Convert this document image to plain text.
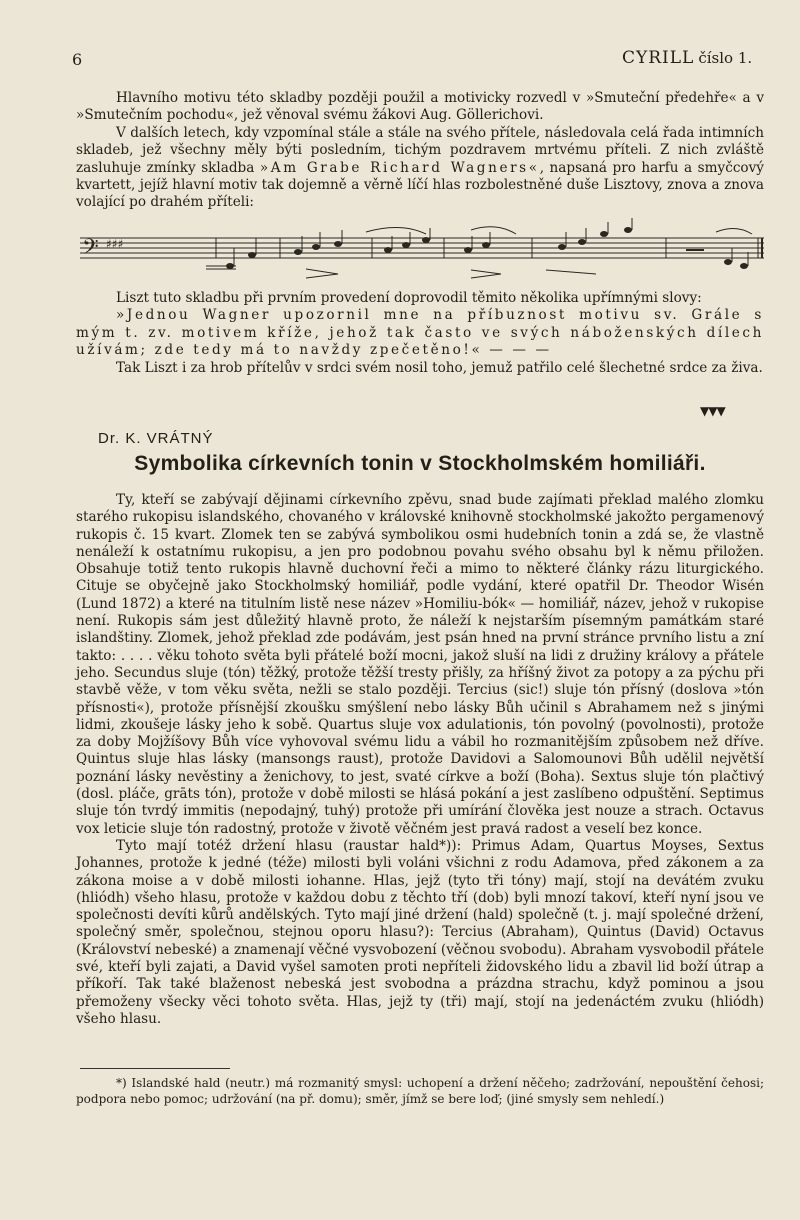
6	CYRILL číslo 1.

Hlavního motivu této skladby později použil a motivicky rozvedl v »Smuteční předehře« a v »Smutečním pochodu«, jež věnoval svému žákovi Aug. Göllerichovi.

V dalších letech, kdy vzpomínal stále a stále na svého přítele, následovala celá řada intimních skladeb, jež všechny měly býti posledním, tichým pozdravem mrtvému příteli. Z nich zvláště zasluhuje zmínky skladba »Am Grabe Richard Wagners«, napsaná pro harfu a smyčcový kvartett, jejíž hlavní motiv tak dojemně a věrně líčí hlas rozbolestněné duše Lisztovy, znova a znova volající po drahém příteli:

𝄢 ♯♯♯

Liszt tuto skladbu při prvním provedení doprovodil těmito několika upřímnými slovy:

»Jednou Wagner upozornil mne na příbuznost motivu sv. Grále s mým t. zv. motivem kříže, jehož tak často ve svých náboženských dílech užívám; zde tedy má to navždy zpečetěno!« — — —

Tak Liszt i za hrob přítelův v srdci svém nosil toho, jemuž patřilo celé šlechetné srdce za živa.

▼▼▼
Dr. K. VRÁTNÝ
Symbolika církevních tonin v Stockholmském homiliáři.

Ty, kteří se zabývají dějinami církevního zpěvu, snad bude zajímati překlad malého zlomku starého rukopisu islandského, chovaného v královské knihovně stockholmské jakožto pergamenový rukopis č. 15 kvart. Zlomek ten se zabývá symbolikou osmi hudebních tonin a zdá se, že vlastně nenáleží k ostatnímu rukopisu, a jen pro podobnou povahu svého obsahu byl k němu přiložen. Obsahuje totiž tento rukopis hlavně duchovní řeči a mimo to některé články rázu liturgického. Cituje se obyčejně jako Stockholmský homiliář, podle vydání, které opatřil Dr. Theodor Wisén (Lund 1872) a které na titulním listě nese název »Homiliu-bók« — homiliář, název, jehož v rukopise není. Rukopis sám jest důležitý hlavně proto, že náleží k nejstarším písemným památkám staré islandštiny. Zlomek, jehož překlad zde podávám, jest psán hned na první stránce prvního listu a zní takto: . . . . věku tohoto světa byli přátelé boží mocni, jakož sluší na lidi z družiny královy a přátele jeho. Secundus sluje (tón) těžký, protože těžší tresty přišly, za hříšný život za potopy a za pýchu při stavbě věže, v tom věku světa, nežli se stalo později. Tercius (sic!) sluje tón přísný (doslova »tón přísnosti«), protože přísnější zkoušku smýšlení nebo lásky Bůh učinil s Abrahamem než s jinými lidmi, zkoušeje lásky jeho k sobě. Quartus sluje vox adulationis, tón povolný (povolnosti), protože za doby Mojžíšovy Bůh více vyhovoval svému lidu a vábil ho rozmanitějším způsobem než dříve. Quintus sluje hlas lásky (mansongs raust), protože Davidovi a Salomounovi Bůh udělil největší poznání lásky nevěstiny a ženichovy, to jest, svaté církve a boží (Boha). Sextus sluje tón plačtivý (dosl. pláče, grāts tón), protože v době milosti se hlásá pokání a jest zaslíbeno odpuštění. Septimus sluje tón tvrdý immitis (nepodajný, tuhý) protože při umírání člověka jest nouze a strach. Octavus vox leticie sluje tón radostný, protože v životě věčném jest pravá radost a veselí bez konce.

Tyto mají totéž držení hlasu (raustar hald*)): Primus Adam, Quartus Moyses, Sextus Johannes, protože k jedné (téže) milosti byli voláni všichni z rodu Adamova, před zákonem a za zákona moise a v době milosti iohanne. Hlas, jejž (tyto tři tóny) mají, stojí na devátém zvuku (hliódh) všeho hlasu, protože v každou dobu z těchto tří (dob) byli mnozí takoví, kteří nyní jsou ve společnosti devíti kůrů andělských. Tyto mají jiné držení (hald) společně (t. j. mají společné držení, společný směr, společnou, stejnou oporu hlasu?): Tercius (Abraham), Quintus (David) Octavus (Království nebeské) a znamenají věčné vysvobození (věčnou svobodu). Abraham vysvobodil přátele své, kteří byli zajati, a David vyšel samoten proti nepříteli židovského lidu a zbavil lid boží útrap a příkoří. Tak také blaženost nebeská jest svobodna a prázdna strachu, když pominou a jsou přemoženy všecky věci tohoto světa. Hlas, jejž ty (tři) mají, stojí na jedenáctém zvuku (hliódh) všeho hlasu.

*) Islandské hald (neutr.) má rozmanitý smysl: uchopení a držení něčeho; zadržování, nepouštění čehosi; podpora nebo pomoc; udržování (na př. domu); směr, jímž se bere loď; (jiné smysly sem nehledí.)
